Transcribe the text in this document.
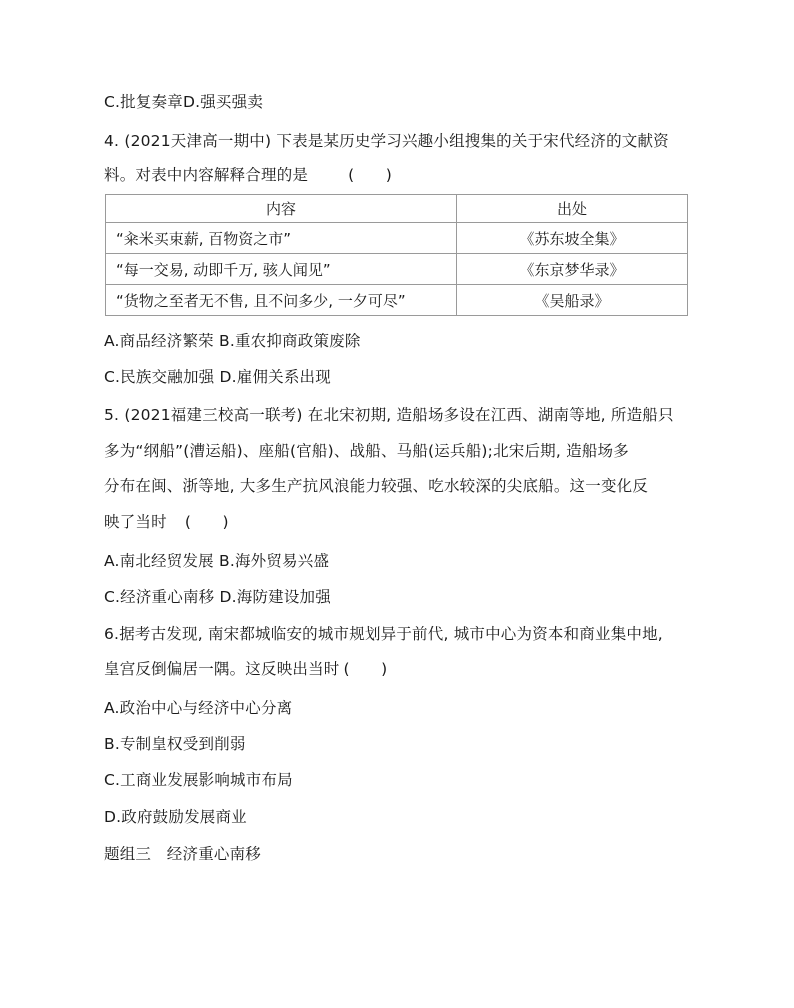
C.批复奏章D.强买强卖
4. (2021天津高一期中) 下表是某历史学习兴趣小组搜集的关于宋代经济的文献资
料。对表中内容解释合理的是	(　　)
内容	出处
“籴米买束薪, 百物资之市”	《苏东坡全集》
“每一交易, 动即千万, 骇人闻见”	《东京梦华录》
“货物之至者无不售, 且不问多少, 一夕可尽”	《吴船录》
A.商品经济繁荣 B.重农抑商政策废除
C.民族交融加强 D.雇佣关系出现
5. (2021福建三校高一联考) 在北宋初期, 造船场多设在江西、湖南等地, 所造船只
多为“纲船”(漕运船)、座船(官船)、战船、马船(运兵船);北宋后期, 造船场多
分布在闽、浙等地, 大多生产抗风浪能力较强、吃水较深的尖底船。这一变化反
映了当时 (　　)
A.南北经贸发展 B.海外贸易兴盛
C.经济重心南移 D.海防建设加强
6.据考古发现, 南宋都城临安的城市规划异于前代, 城市中心为资本和商业集中地,
皇宫反倒偏居一隅。这反映出当时 (　　)
A.政治中心与经济中心分离
B.专制皇权受到削弱
C.工商业发展影响城市布局
D.政府鼓励发展商业
题组三　经济重心南移
